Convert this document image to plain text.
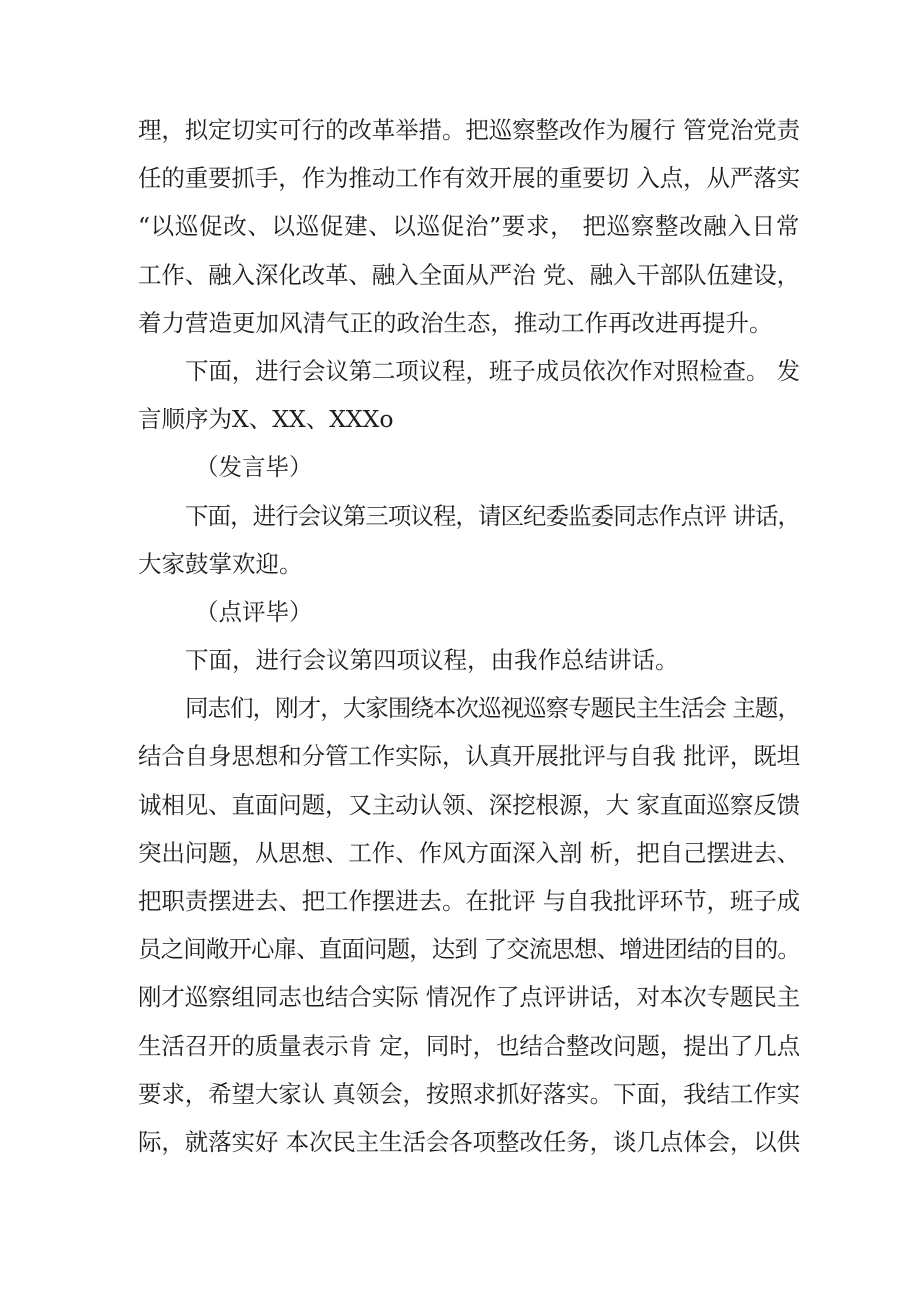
理，拟定切实可行的改革举措。把巡察整改作为履行 管党治党责
任的重要抓手，作为推动工作有效开展的重要切 入点，从严落实
“以巡促改、以巡促建、以巡促治”要求， 把巡察整改融入日常
工作、融入深化改革、融入全面从严治 党、融入干部队伍建设，
着力营造更加风清气正的政治生态，推动工作再改进再提升。
下面，进行会议第二项议程，班子成员依次作对照检查。 发
言顺序为X、XX、XXXo
（发言毕）
下面，进行会议第三项议程，请区纪委监委同志作点评 讲话，
大家鼓掌欢迎。
（点评毕）
下面，进行会议第四项议程，由我作总结讲话。
同志们，刚才，大家围绕本次巡视巡察专题民主生活会 主题，
结合自身思想和分管工作实际，认真开展批评与自我 批评，既坦
诚相见、直面问题，又主动认领、深挖根源，大 家直面巡察反馈
突出问题，从思想、工作、作风方面深入剖 析，把自己摆进去、
把职责摆进去、把工作摆进去。在批评 与自我批评环节，班子成
员之间敞开心扉、直面问题，达到 了交流思想、增进团结的目的。
刚才巡察组同志也结合实际 情况作了点评讲话，对本次专题民主
生活召开的质量表示肯 定，同时，也结合整改问题，提出了几点
要求，希望大家认 真领会，按照求抓好落实。下面，我结工作实
际，就落实好 本次民主生活会各项整改任务，谈几点体会，以供
